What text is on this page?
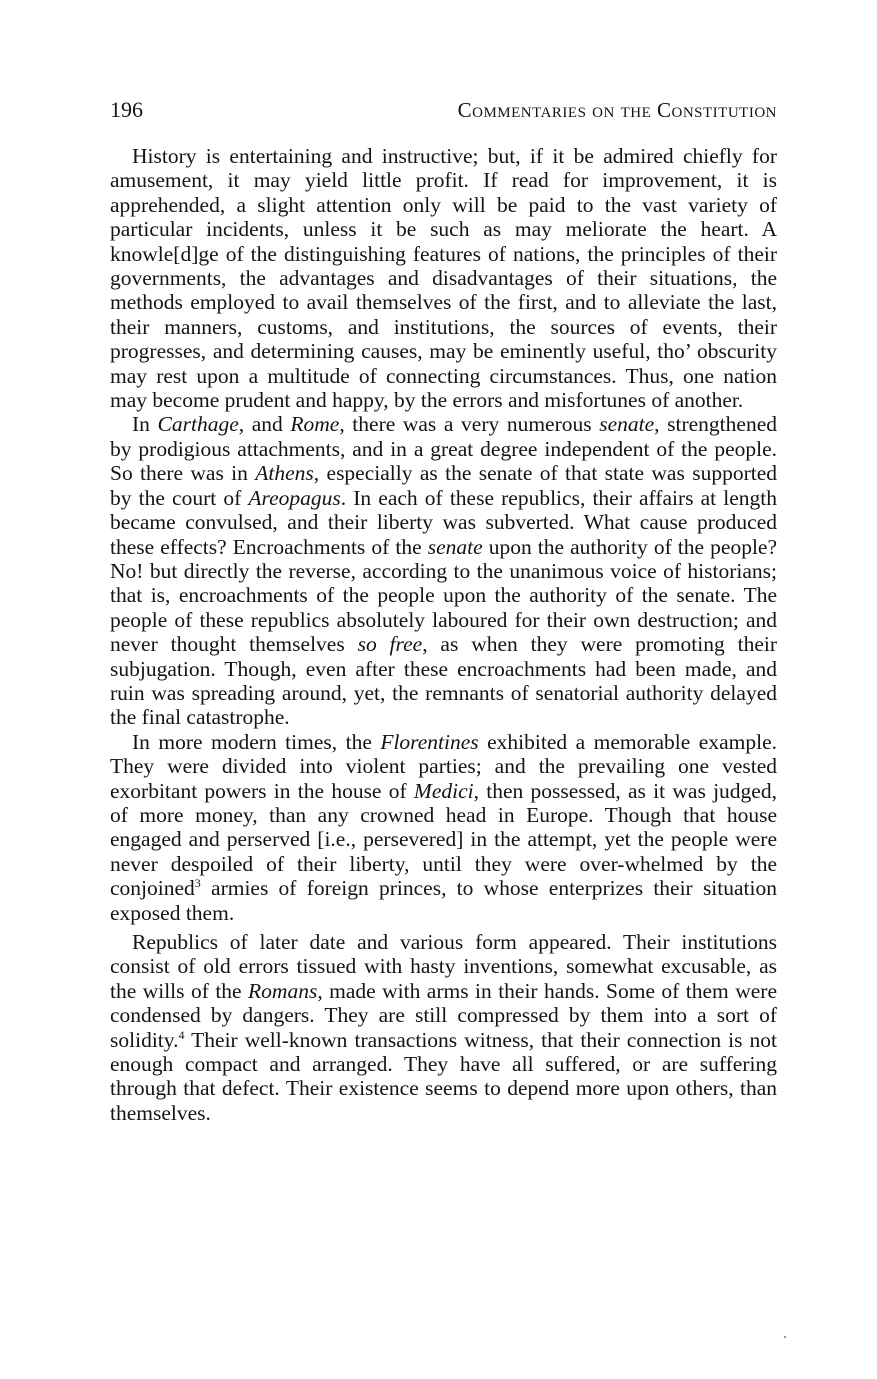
196	Commentaries on the Constitution

History is entertaining and instructive; but, if it be admired chiefly for amusement, it may yield little profit. If read for improvement, it is apprehended, a slight attention only will be paid to the vast variety of particular incidents, unless it be such as may meliorate the heart. A knowle[d]ge of the distinguishing features of nations, the principles of their governments, the advantages and disadvantages of their situations, the methods employed to avail themselves of the first, and to alleviate the last, their manners, customs, and institutions, the sources of events, their progresses, and determining causes, may be eminently useful, tho’ obscurity may rest upon a multitude of connecting circumstances. Thus, one nation may become prudent and happy, by the errors and misfortunes of another.

In Carthage, and Rome, there was a very numerous senate, strengthened by prodigious attachments, and in a great degree independent of the people. So there was in Athens, especially as the senate of that state was supported by the court of Areopagus. In each of these republics, their affairs at length became convulsed, and their liberty was subverted. What cause produced these effects? Encroachments of the senate upon the authority of the people? No! but directly the reverse, according to the unanimous voice of historians; that is, encroachments of the people upon the authority of the senate. The people of these republics absolutely laboured for their own destruction; and never thought themselves so free, as when they were promoting their subjugation. Though, even after these encroachments had been made, and ruin was spreading around, yet, the remnants of senatorial authority delayed the final catastrophe.

In more modern times, the Florentines exhibited a memorable example. They were divided into violent parties; and the prevailing one vested exorbitant powers in the house of Medici, then possessed, as it was judged, of more money, than any crowned head in Europe. Though that house engaged and perserved [i.e., persevered] in the attempt, yet the people were never despoiled of their liberty, until they were over-whelmed by the conjoined$^3$ armies of foreign princes, to whose enterprizes their situation exposed them.

Republics of later date and various form appeared. Their institutions consist of old errors tissued with hasty inventions, somewhat excusable, as the wills of the Romans, made with arms in their hands. Some of them were condensed by dangers. They are still compressed by them into a sort of solidity.$^4$ Their well-known transactions witness, that their connection is not enough compact and arranged. They have all suffered, or are suffering through that defect. Their existence seems to depend more upon others, than themselves.
